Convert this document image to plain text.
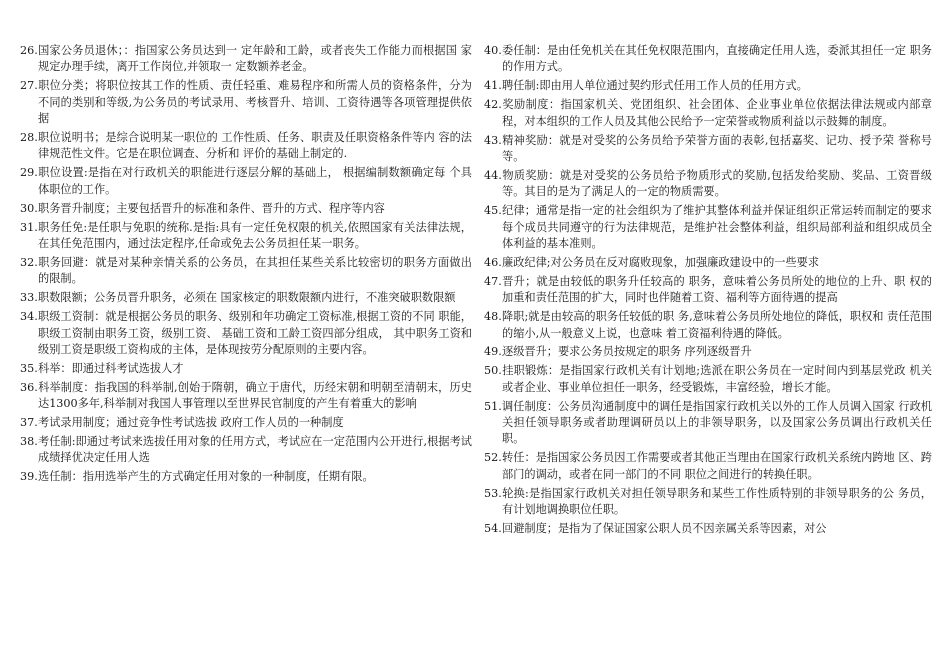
26.国家公务员退休；：指国家公务员达到一 定年龄和工龄，或者丧失工作能力而根据国 家规定办理手续，离开工作岗位,并领取一 定数额养老金。

27.职位分类；将职位按其工作的性质、责任轻重、难易程序和所需人员的资格条件，分为不同的类别和等级,为公务员的考试录用、考核晋升、培训、工资待遇等各项管理提供依据

28.职位说明书；是综合说明某一职位的 工作性质、任务、职责及任职资格条件等内 容的法律规范性文件。它是在职位调查、分析和 评价的基础上制定的.

29.职位设置:是指在对行政机关的职能进行逐层分解的基础上， 根据编制数额确定每 个具体职位的工作。

30.职务晋升制度；主要包括晋升的标准和条件、晋升的方式、程序等内容

31.职务任免:是任职与免职的统称.是指:具有一定任免权限的机关,依照国家有关法律法规，在其任免范围内，通过法定程序,任命或免去公务员担任某一职务。

32.职务回避：就是对某种亲情关系的公务员，在其担任某些关系比较密切的职务方面做出的限制。

33.职数限额；公务员晋升职务，必须在 国家核定的职数限额内进行，不准突破职数限额

34.职级工资制：就是根据公务员的职务、级别和年功确定工资标准,根据工资的不同 职能，职级工资制由职务工资，级别工资、 基础工资和工龄工资四部分组成， 其中职务工资和级别工资是职级工资构成的主体，是体现按劳分配原则的主要内容。

35.科举：即通过科考试选拔人才

36.科举制度：指我国的科举制,创始于隋朝，确立于唐代，历经宋朝和明朝至清朝末，历史达1300多年,科举制对我国人事管理以至世界民官制度的产生有着重大的影响

37.考试录用制度；通过竞争性考试选拔 政府工作人员的一种制度

38.考任制:即通过考试来选拔任用对象的任用方式，考试应在一定范围内公开进行,根据考试成绩择优决定任用人选

39.选任制：指用选举产生的方式确定任用对象的一种制度，任期有限。

40.委任制：是由任免机关在其任免权限范围内，直接确定任用人选，委派其担任一定 职务的作用方式。

41.聘任制:即由用人单位通过契约形式任用工作人员的任用方式。

42.奖励制度：指国家机关、党团组织、社会团体、企业事业单位依据法律法规或内部章程，对本组织的工作人员及其他公民给予一定荣誉或物质利益以示鼓舞的制度。

43.精神奖励：就是对受奖的公务员给予荣誉方面的表彰,包括嘉奖、记功、授予荣 誉称号等。

44.物质奖励：就是对受奖的公务员给予物质形式的奖励,包括发给奖励、奖品、工资晋级等。其目的是为了满足人的一定的物质需要。

45.纪律；通常是指一定的社会组织为了维护其整体利益并保证组织正常运转而制定的要求每个成员共同遵守的行为法律规范，是维护社会整体利益，组织局部利益和组织成员全体利益的基本准则。

46.廉政纪律;对公务员在反对腐败现象，加强廉政建设中的一些要求

47.晋升；就是由较低的职务升任较高的 职务，意味着公务员所处的地位的上升、职 权的加重和责任范围的扩大，同时也伴随着工资、福利等方面待遇的提高

48.降职;就是由较高的职务任较低的职 务,意味着公务员所处地位的降低，职权和 责任范围的缩小,从一般意义上说，也意味 着工资福利待遇的降低。

49.逐级晋升；要求公务员按规定的职务 序列逐级晋升

50.挂职锻炼：是指国家行政机关有计划地;选派在职公务员在一定时间内到基层党政 机关或者企业、事业单位担任一职务，经受锻炼，丰富经验，增长才能。

51.调任制度：公务员沟通制度中的调任是指国家行政机关以外的工作人员调入国家 行政机关担任领导职务或者助理调研员以上的非领导职务，以及国家公务员调出行政机关任职。

52.转任：是指国家公务员因工作需要或者其他正当理由在国家行政机关系统内跨地 区、跨部门的调动，或者在同一部门的不同 职位之间进行的转换任职。

53.轮换:是指国家行政机关对担任领导职务和某些工作性质特别的非领导职务的公 务员，有计划地调换职位任职。

54.回避制度；是指为了保证国家公职人员不因亲属关系等因素，对公
